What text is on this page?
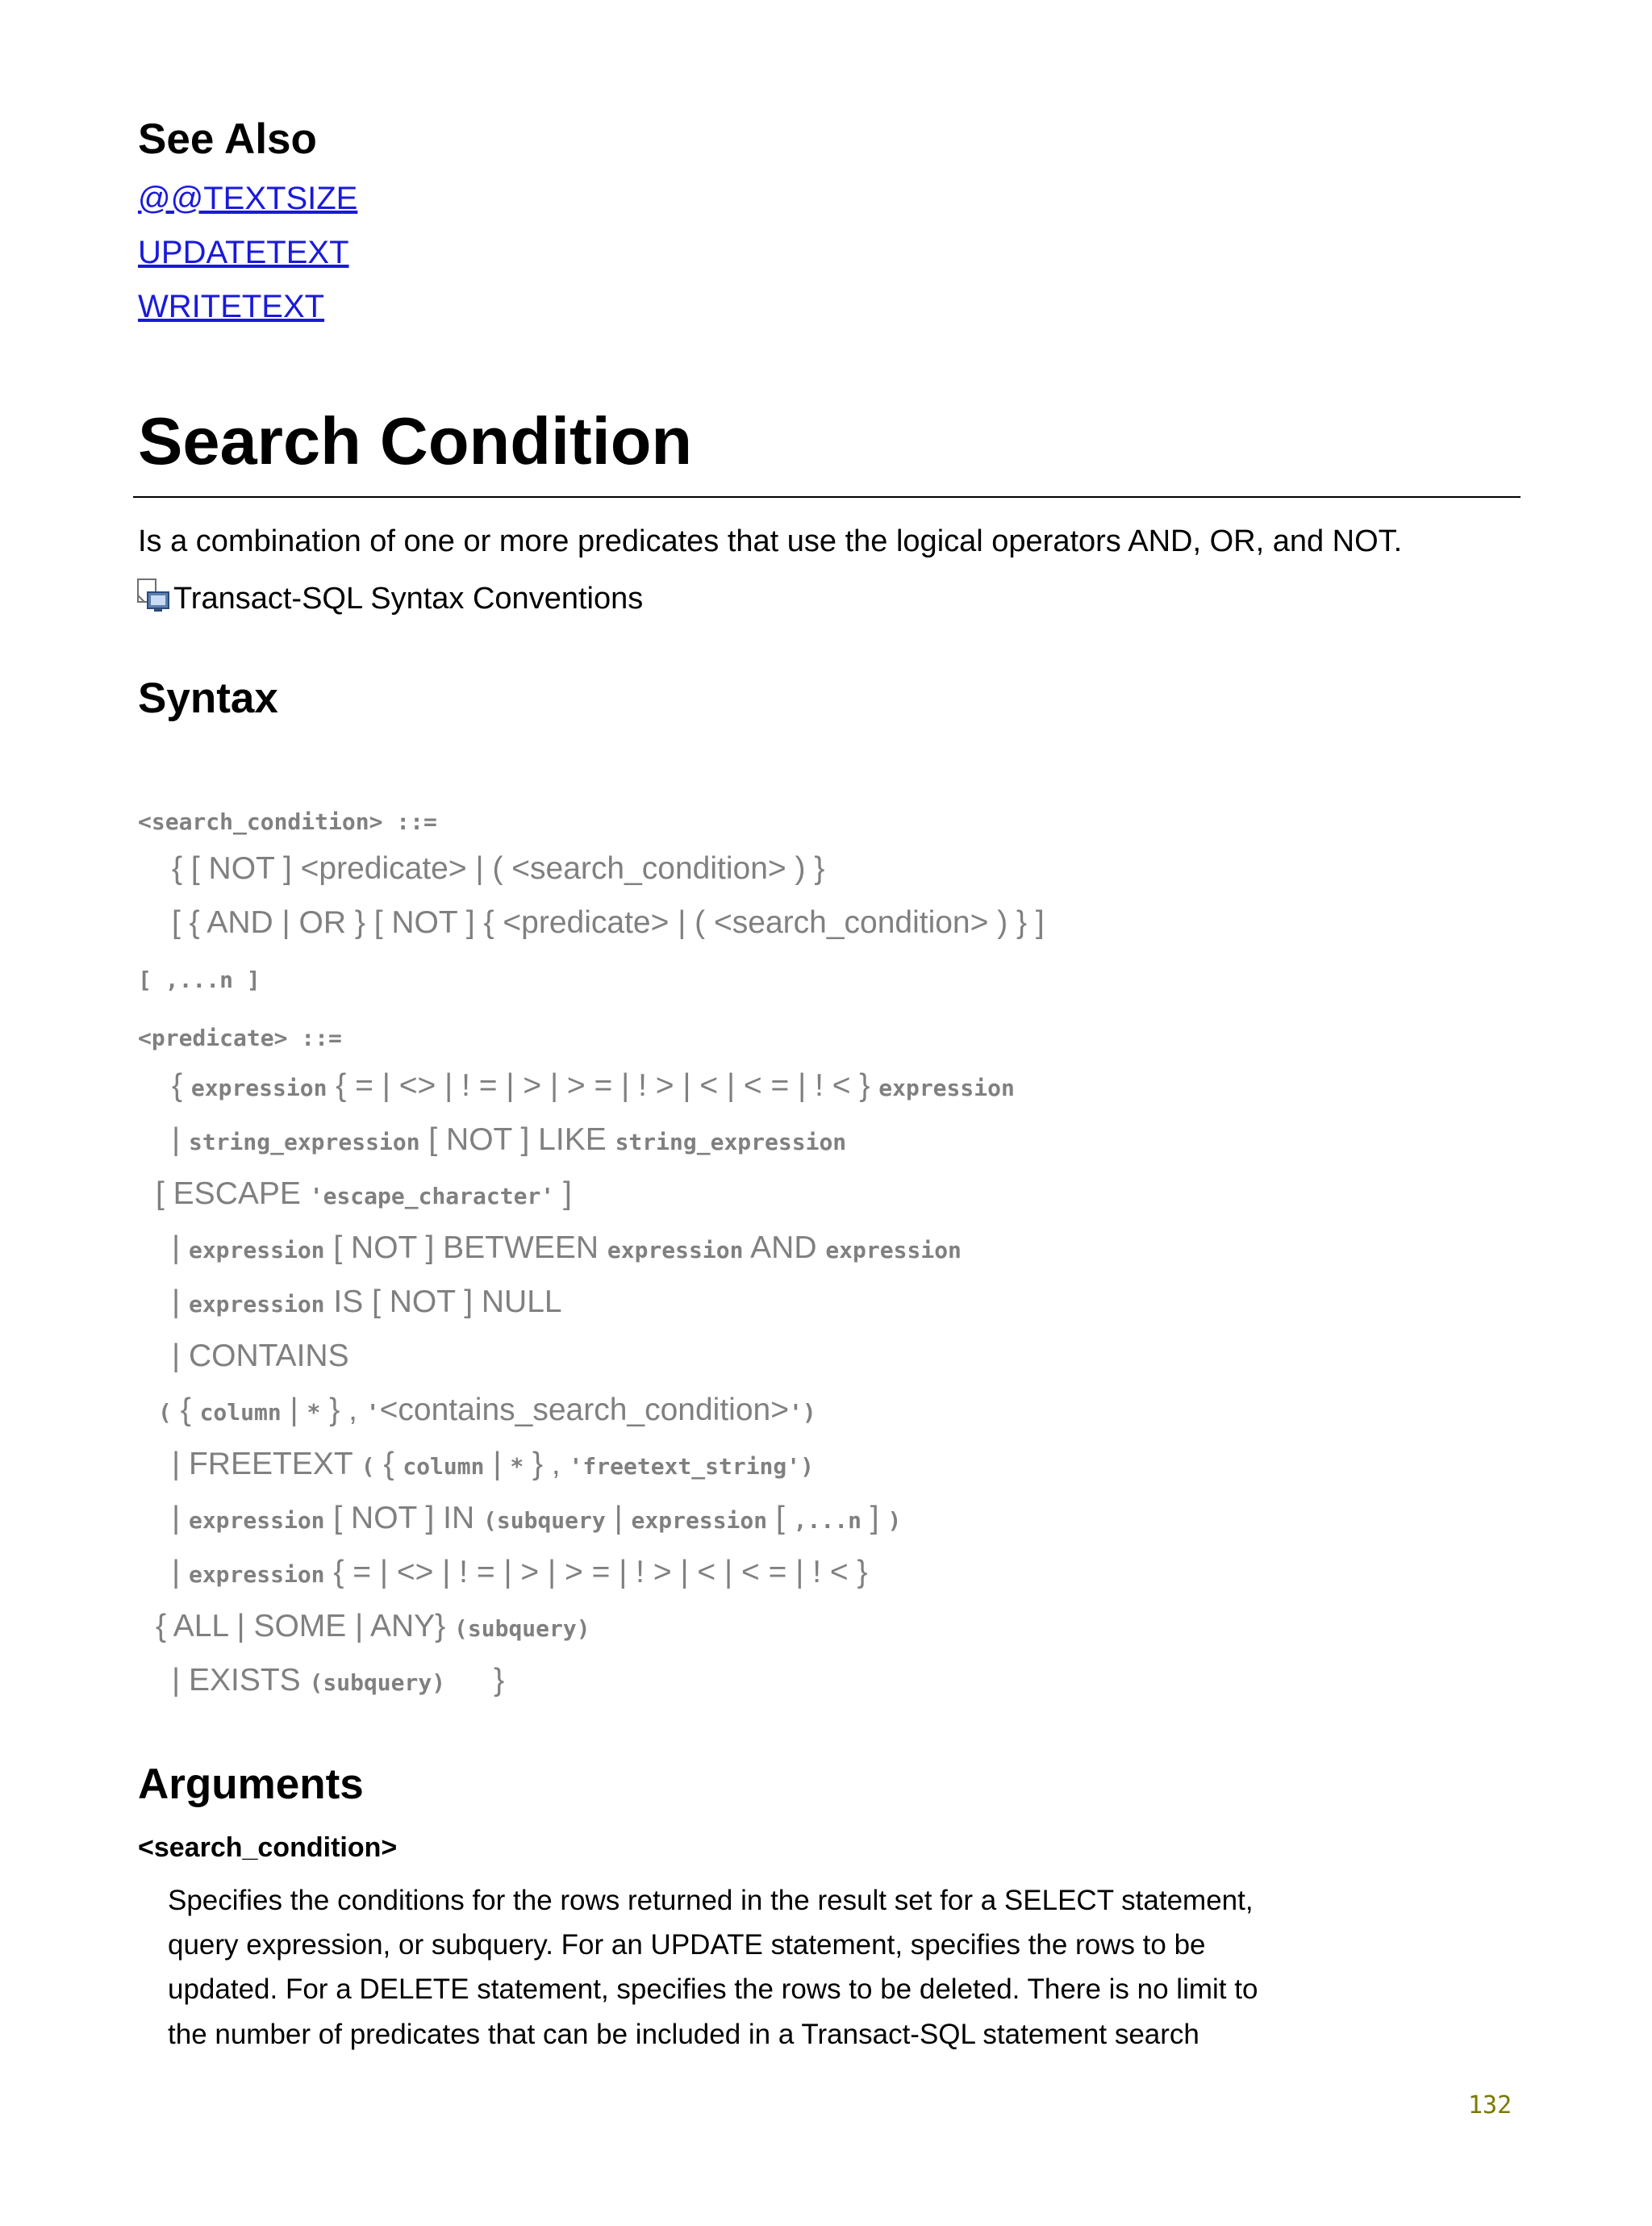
See Also
@@TEXTSIZE
UPDATETEXT
WRITETEXT
Search Condition
Is a combination of one or more predicates that use the logical operators AND, OR, and NOT.
Transact-SQL Syntax Conventions
Syntax
<search_condition> ::=
{ [ NOT ] <predicate> | ( <search_condition> ) }
[ { AND | OR } [ NOT ] { <predicate> | ( <search_condition> ) } ]
[ ,...n ]
<predicate> ::=
{ expression { = | <> | ! = | > | > = | ! > | < | < = | ! < } expression
| string_expression [ NOT ] LIKE string_expression
[ ESCAPE 'escape_character' ]
| expression [ NOT ] BETWEEN expression AND expression
| expression IS [ NOT ] NULL
| CONTAINS
( { column | * } , '<contains_search_condition>')
| FREETEXT ( { column | * } , 'freetext_string')
| expression [ NOT ] IN (subquery | expression [ ,...n ] )
| expression { = | <> | ! = | > | > = | ! > | < | < = | ! < }
{ ALL | SOME | ANY} (subquery)
| EXISTS (subquery) }
Arguments
<search_condition>
Specifies the conditions for the rows returned in the result set for a SELECT statement,
query expression, or subquery. For an UPDATE statement, specifies the rows to be
updated. For a DELETE statement, specifies the rows to be deleted. There is no limit to
the number of predicates that can be included in a Transact-SQL statement search
132
